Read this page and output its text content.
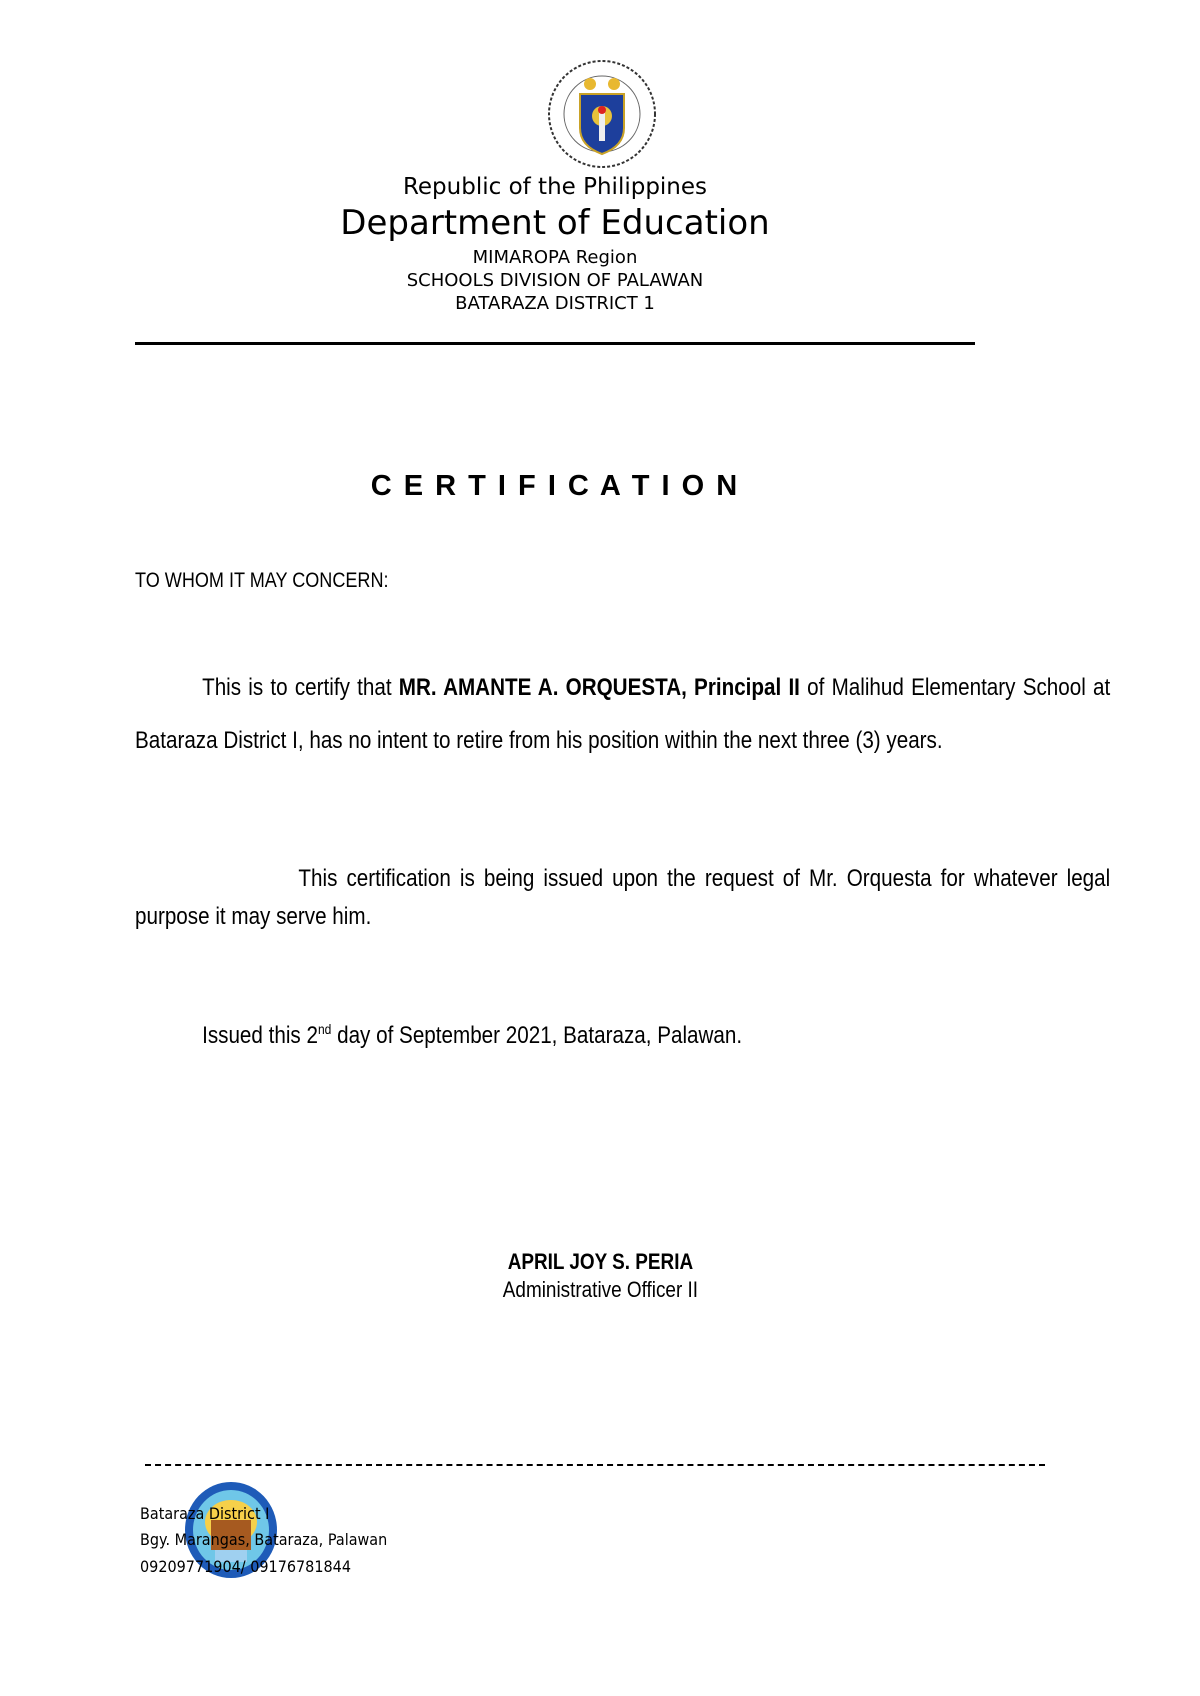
Republic of the Philippines
Department of Education
MIMAROPA Region
SCHOOLS DIVISION OF PALAWAN
BATARAZA DISTRICT 1
C E R T I F I C A T I O N
TO WHOM IT MAY CONCERN:
This is to certify that MR. AMANTE A. ORQUESTA, Principal II of Malihud Elementary School at Bataraza District I, has no intent to retire from his position within the next three (3) years.
This certification is being issued upon the request of Mr. Orquesta for whatever legal purpose it may serve him.
Issued this 2nd day of September 2021, Bataraza, Palawan.
APRIL JOY S. PERIA
Administrative Officer II
Bataraza District I
Bgy. Marangas, Bataraza, Palawan
09209771904/ 09176781844
